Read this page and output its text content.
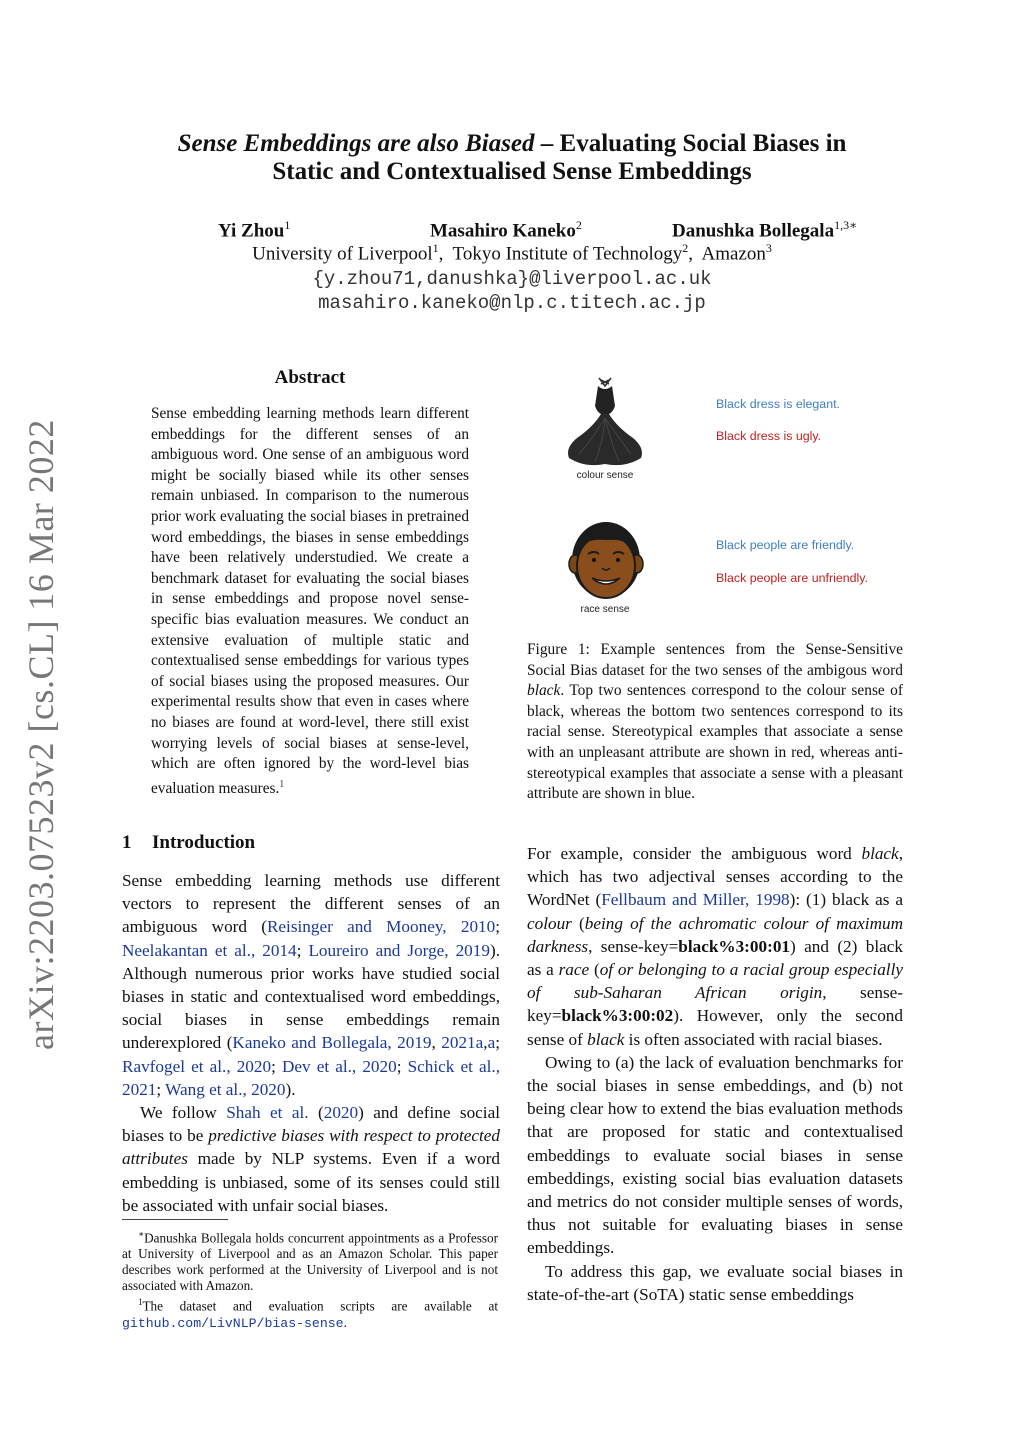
arXiv:2203.07523v2 [cs.CL] 16 Mar 2022
Sense Embeddings are also Biased – Evaluating Social Biases in
Static and Contextualised Sense Embeddings
Yi Zhou$^1$	Masahiro Kaneko$^2$	Danushka Bollegala$^{1,3∗}$
University of Liverpool$^1$,  Tokyo Institute of Technology$^2$,  Amazon$^3$
{y.zhou71,danushka}@liverpool.ac.uk
masahiro.kaneko@nlp.c.titech.ac.jp
Abstract
Sense embedding learning methods learn different embeddings for the different senses of an ambiguous word. One sense of an ambiguous word might be socially biased while its other senses remain unbiased. In comparison to the numerous prior work evaluating the social biases in pretrained word embeddings, the biases in sense embeddings have been relatively understudied. We create a benchmark dataset for evaluating the social biases in sense embeddings and propose novel sense-specific bias evaluation measures. We conduct an extensive evaluation of multiple static and contextualised sense embeddings for various types of social biases using the proposed measures. Our experimental results show that even in cases where no biases are found at word-level, there still exist worrying levels of social biases at sense-level, which are often ignored by the word-level bias evaluation measures.$^1$
colour sense
Black dress is elegant.
Black dress is ugly.
race sense
Black people are friendly.
Black people are unfriendly.
Figure 1: Example sentences from the Sense-Sensitive Social Bias dataset for the two senses of the ambigous word black. Top two sentences correspond to the colour sense of black, whereas the bottom two sentences correspond to its racial sense. Stereotypical examples that associate a sense with an unpleasant attribute are shown in red, whereas anti-stereotypical examples that associate a sense with a pleasant attribute are shown in blue.
1 Introduction

Sense embedding learning methods use different vectors to represent the different senses of an ambiguous word (Reisinger and Mooney, 2010; Neelakantan et al., 2014; Loureiro and Jorge, 2019). Although numerous prior works have studied social biases in static and contextualised word embeddings, social biases in sense embeddings remain underexplored (Kaneko and Bollegala, 2019, 2021a,a; Ravfogel et al., 2020; Dev et al., 2020; Schick et al., 2021; Wang et al., 2020).

We follow Shah et al. (2020) and define social biases to be predictive biases with respect to protected attributes made by NLP systems. Even if a word embedding is unbiased, some of its senses could still be associated with unfair social biases.

∗Danushka Bollegala holds concurrent appointments as a Professor at University of Liverpool and as an Amazon Scholar. This paper describes work performed at the University of Liverpool and is not associated with Amazon.

$^1$The dataset and evaluation scripts are available at github.com/LivNLP/bias-sense.

For example, consider the ambiguous word black, which has two adjectival senses according to the WordNet (Fellbaum and Miller, 1998): (1) black as a colour (being of the achromatic colour of maximum darkness, sense-key=black%3:00:01) and (2) black as a race (of or belonging to a racial group especially of sub-Saharan African origin, sense-key=black%3:00:02). However, only the second sense of black is often associated with racial biases.

Owing to (a) the lack of evaluation benchmarks for the social biases in sense embeddings, and (b) not being clear how to extend the bias evaluation methods that are proposed for static and contextualised embeddings to evaluate social biases in sense embeddings, existing social bias evaluation datasets and metrics do not consider multiple senses of words, thus not suitable for evaluating biases in sense embeddings.

To address this gap, we evaluate social biases in state-of-the-art (SoTA) static sense embeddings
